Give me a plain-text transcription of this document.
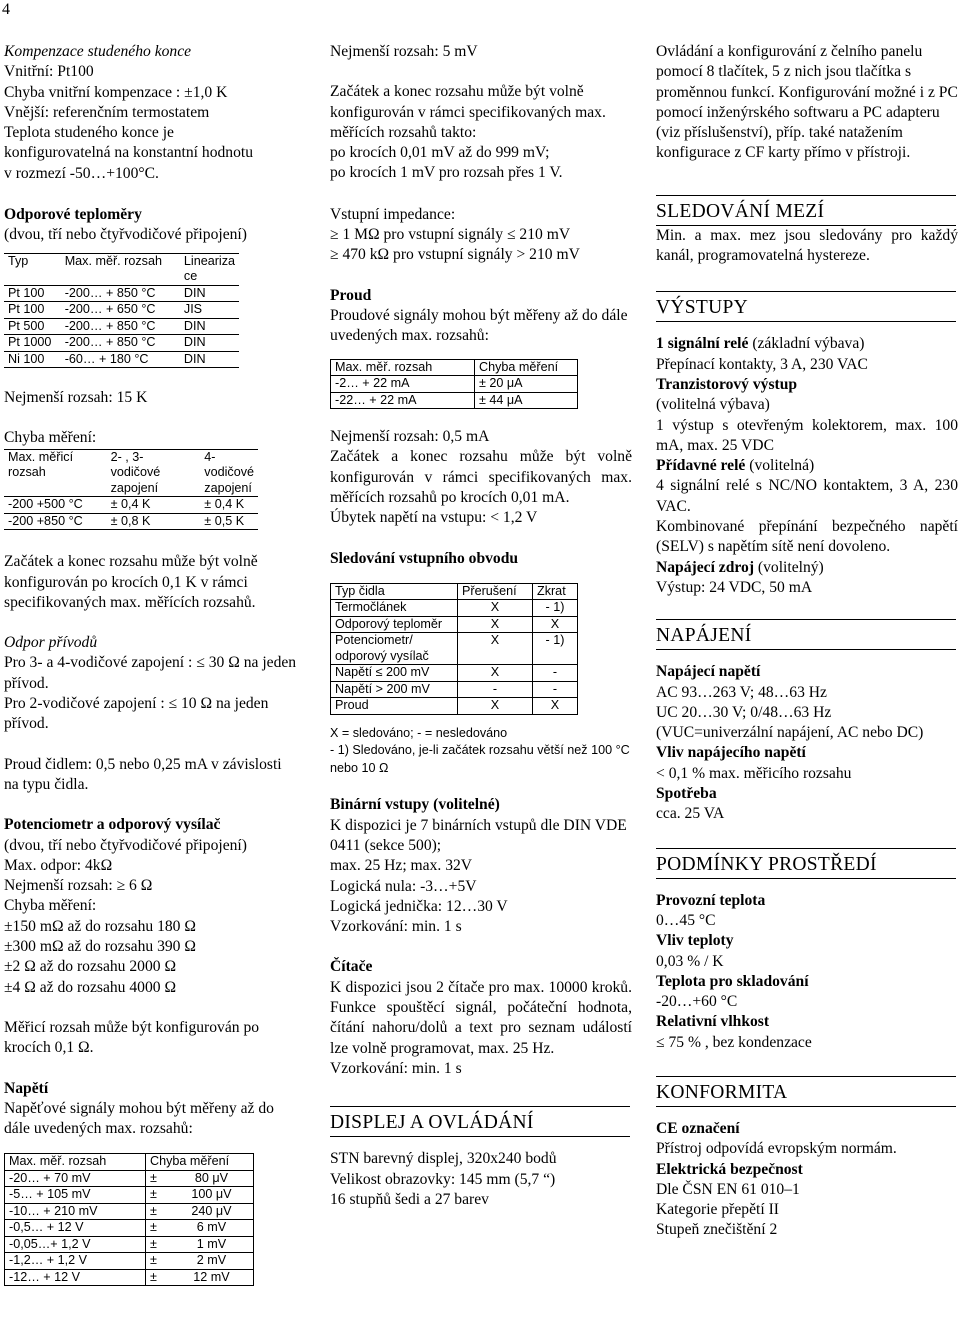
4

Kompenzace studeného konce

Vnitřní: Pt100

Chyba vnitřní kompenzace : ±1,0 K

Vnější: referenčním termostatem

Teplota studeného konce je

konfigurovatelná na konstantní hodnotu

v rozmezí -50…+100°C.

Odporové teploměry

(dvou, tří nebo čtyřvodičové připojení)

Typ	Max. měř. rozsah	Lineariza
ce
Pt 100	-200… + 850 °C	DIN
Pt 100	-200… + 650 °C	JIS
Pt 500	-200… + 850 °C	DIN
Pt 1000	-200… + 850 °C	DIN
Ni 100	-60… + 180 °C	DIN

Nejmenší rozsah: 15 K

Chyba měření:

Max. měřicí
rozsah	2- , 3-
vodičové
zapojení	4-vodičové
zapojení
-200 +500 °C	± 0,4 K	± 0,4 K
-200 +850 °C	± 0,8 K	± 0,5 K

Začátek a konec rozsahu může být volně konfigurován po krocích 0,1 K v rámci specifikovaných max. měřících rozsahů.

Odpor přívodů

Pro 3- a 4-vodičové zapojení : ≤ 30 Ω na jeden přívod.

Pro 2-vodičové zapojení : ≤ 10 Ω na jeden přívod.

Proud čidlem: 0,5 nebo 0,25 mA v závislosti na typu čidla.

Potenciometr a odporový vysílač

(dvou, tří nebo čtyřvodičové připojení)

Max. odpor: 4kΩ

Nejmenší rozsah: ≥ 6 Ω

Chyba měření:

±150 mΩ až do rozsahu 180 Ω

±300 mΩ až do rozsahu 390 Ω

±2 Ω až do rozsahu 2000 Ω

±4 Ω až do rozsahu 4000 Ω

Měřicí rozsah může být konfigurován po krocích 0,1 Ω.

Napětí

Napěťové signály mohou být měřeny až do dále uvedených max. rozsahů:

Max. měř. rozsah	Chyba měření	
-20… + 70 mV	±	80 μV
-5… + 105 mV	±	100 μV
-10… + 210 mV	±	240 μV
-0,5… + 12 V	±	6 mV
-0,05…+ 1,2 V	±	1 mV
-1,2… + 1,2 V	±	2 mV
-12… + 12 V	±	12 mV

Nejmenší rozsah: 5 mV

Začátek a konec rozsahu může být volně konfigurován v rámci specifikovaných max. měřících rozsahů takto:

po krocích 0,01 mV až do 999 mV;

po krocích 1 mV pro rozsah přes 1 V.

Vstupní impedance:

≥ 1 MΩ pro vstupní signály ≤ 210 mV

≥ 470 kΩ pro vstupní signály > 210 mV

Proud

Proudové signály mohou být měřeny až do dále uvedených max. rozsahů:

Max. měř. rozsah	Chyba měření
-2… + 22 mA	± 20 μA
-22… + 22 mA	± 44 μA

Nejmenší rozsah: 0,5 mA

Začátek a konec rozsahu může být volně konfigurován v rámci specifikovaných max. měřících rozsahů po krocích 0,01 mA.

Úbytek napětí na vstupu: < 1,2 V

Sledování vstupního obvodu

Typ čidla	Přerušení	Zkrat
Termočlánek	X	- 1)
Odporový teploměr	X	X
Potenciometr/ odporový vysílač	X	- 1)
Napětí ≤ 200 mV	X	-
Napětí > 200 mV	-	-
Proud	X	X

X = sledováno; - = nesledováno

- 1) Sledováno, je-li začátek rozsahu větší než 100 °C nebo 10 Ω

Binární vstupy (volitelné)

K dispozici je 7 binárních vstupů dle DIN VDE 0411 (sekce 500);

max. 25 Hz; max. 32V

Logická nula: -3…+5V

Logická jednička: 12…30 V

Vzorkování: min. 1 s

Čítače

K dispozici jsou 2 čítače pro max. 10000 kroků. Funkce spouštěcí signál, počáteční hodnota, čítání nahoru/dolů a text pro seznam událostí lze volně programovat, max. 25 Hz.

Vzorkování: min. 1 s

DISPLEJ A OVLÁDÁNÍ

STN barevný displej, 320x240 bodů

Velikost obrazovky: 145 mm (5,7 “)

16 stupňů šedi a 27 barev

Ovládání a konfigurování z čelního panelu pomocí 8 tlačítek, 5 z nich jsou tlačítka s proměnnou funkcí. Konfigurování možné i z PC pomocí inženýrského softwaru a PC adapteru (viz příslušenství), příp. také natažením konfigurace z CF karty přímo v přístroji.

SLEDOVÁNÍ MEZÍ

Min. a max. mez jsou sledovány pro každý kanál, programovatelná hystereze.

VÝSTUPY

1 signální relé (základní výbava)

Přepínací kontakty, 3 A, 230 VAC

Tranzistorový výstup

(volitelná výbava)

1 výstup s otevřeným kolektorem, max. 100 mA, max. 25 VDC

Přídavné relé (volitelná)

4 signální relé s NC/NO kontaktem, 3 A, 230 VAC.

Kombinované přepínání bezpečného napětí (SELV) s napětím sítě není dovoleno.

Napájecí zdroj (volitelný)

Výstup: 24 VDC, 50 mA

NAPÁJENÍ

Napájecí napětí

AC 93…263 V; 48…63 Hz

UC 20…30 V; 0/48…63 Hz

(VUC=univerzální napájení, AC nebo DC)

Vliv napájecího napětí

< 0,1 % max. měřicího rozsahu

Spotřeba

cca. 25 VA

PODMÍNKY PROSTŘEDÍ

Provozní teplota

0…45 °C

Vliv teploty

0,03 % / K

Teplota pro skladování

-20…+60 °C

Relativní vlhkost

≤ 75 % , bez kondenzace

KONFORMITA

CE označení

Přístroj odpovídá evropským normám.

Elektrická bezpečnost

Dle ČSN EN 61 010–1

Kategorie přepětí II

Stupeň znečištění 2
